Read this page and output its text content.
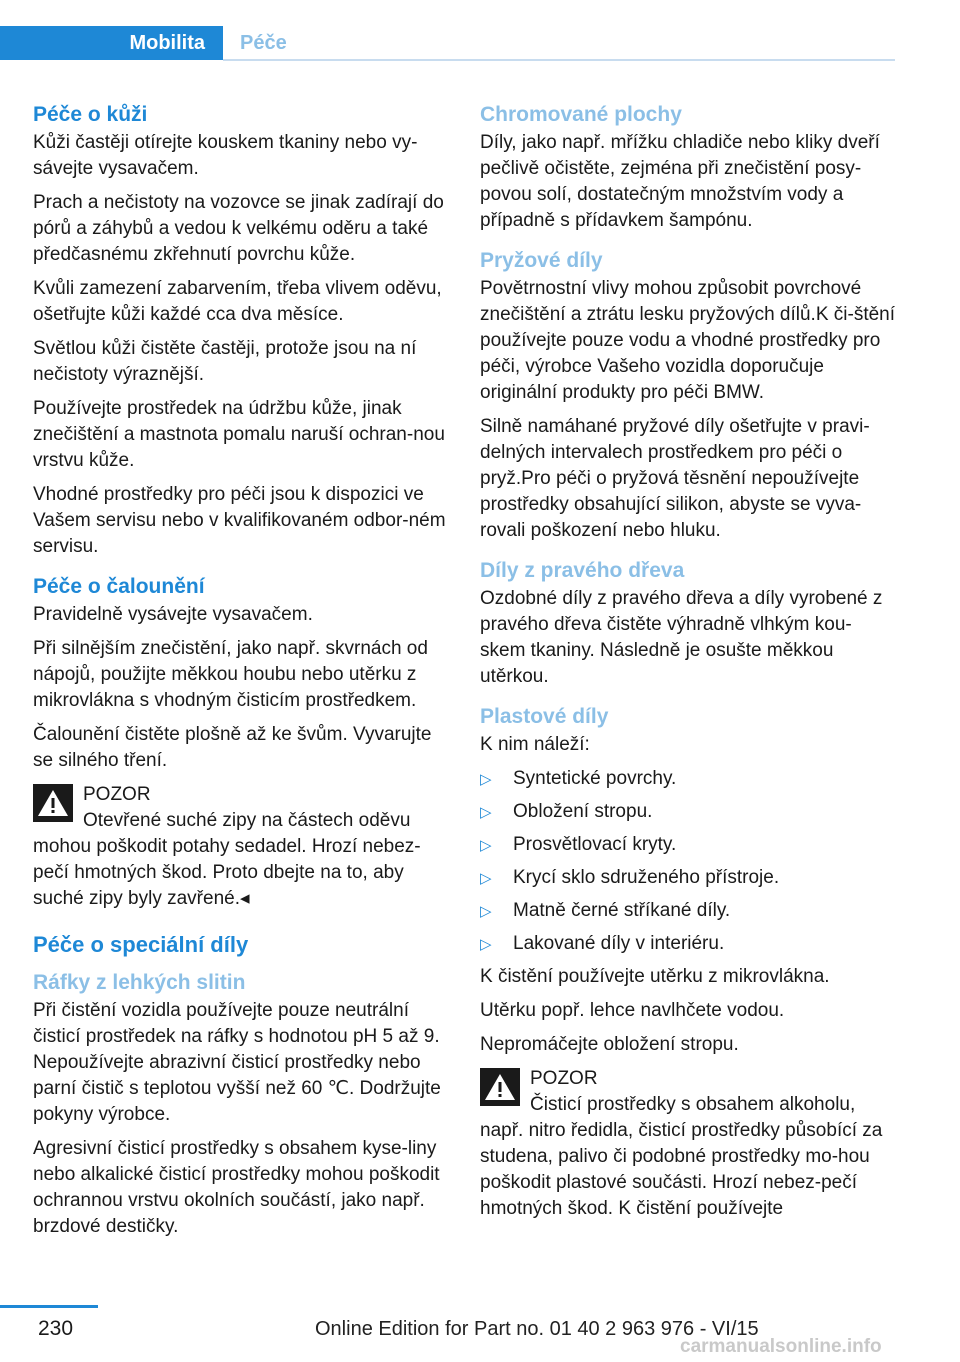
Mobilita	Péče
Péče o kůži

Kůži častěji otírejte kouskem tkaniny nebo vy-sávejte vysavačem.

Prach a nečistoty na vozovce se jinak zadírají do pórů a záhybů a vedou k velkému oděru a také předčasnému zkřehnutí povrchu kůže.

Kvůli zamezení zabarvením, třeba vlivem oděvu, ošetřujte kůži každé cca dva měsíce.

Světlou kůži čistěte častěji, protože jsou na ní nečistoty výraznější.

Používejte prostředek na údržbu kůže, jinak znečištění a mastnota pomalu naruší ochran-nou vrstvu kůže.

Vhodné prostředky pro péči jsou k dispozici ve Vašem servisu nebo v kvalifikovaném odbor-ném servisu.

Péče o čalounění

Pravidelně vysávejte vysavačem.

Při silnějším znečistění, jako např. skvrnách od nápojů, použijte měkkou houbu nebo utěrku z mikrovlákna s vhodným čisticím prostředkem.

Čalounění čistěte plošně až ke švům. Vyvarujte se silného tření.

POZOR
Otevřené suché zipy na částech oděvu

mohou poškodit potahy sedadel. Hrozí nebez-pečí hmotných škod. Proto dbejte na to, aby suché zipy byly zavřené.◂

Péče o speciální díly
Ráfky z lehkých slitin

Při čistění vozidla používejte pouze neutrální čisticí prostředek na ráfky s hodnotou pH 5 až 9. Nepoužívejte abrazivní čisticí prostředky nebo parní čistič s teplotou vyšší než 60 ℃. Dodržujte pokyny výrobce.

Agresivní čisticí prostředky s obsahem kyse-liny nebo alkalické čisticí prostředky mohou poškodit ochrannou vrstvu okolních součástí, jako např. brzdové destičky.

Chromované plochy

Díly, jako např. mřížku chladiče nebo kliky dveří pečlivě očistěte, zejména při znečistění posy-povou solí, dostatečným množstvím vody a případně s přídavkem šampónu.

Pryžové díly

Povětrnostní vlivy mohou způsobit povrchové znečištění a ztrátu lesku pryžových dílů.K či-štění používejte pouze vodu a vhodné prostředky pro péči, výrobce Vašeho vozidla doporučuje originální produkty pro péči BMW.

Silně namáhané pryžové díly ošetřujte v pravi-delných intervalech prostředkem pro péči o pryž.Pro péči o pryžová těsnění nepoužívejte prostředky obsahující silikon, abyste se vyva-rovali poškození nebo hluku.

Díly z pravého dřeva

Ozdobné díly z pravého dřeva a díly vyrobené z pravého dřeva čistěte výhradně vlhkým kou-skem tkaniny. Následně je osušte měkkou utěrkou.

Plastové díly

K nim náleží:

▷	Syntetické povrchy.
▷	Obložení stropu.
▷	Prosvětlovací kryty.
▷	Krycí sklo sdruženého přístroje.
▷	Matně černé stříkané díly.
▷	Lakované díly v interiéru.

K čistění používejte utěrku z mikrovlákna.

Utěrku popř. lehce navlhčete vodou.

Nepromáčejte obložení stropu.

POZOR
Čisticí prostředky s obsahem alkoholu,

např. nitro ředidla, čisticí prostředky působící za studena, palivo či podobné prostředky mo-hou poškodit plastové součásti. Hrozí nebez-pečí hmotných škod. K čistění používejte

230	Online Edition for Part no. 01 40 2 963 976 - VI/15
carmanualsonline.info
